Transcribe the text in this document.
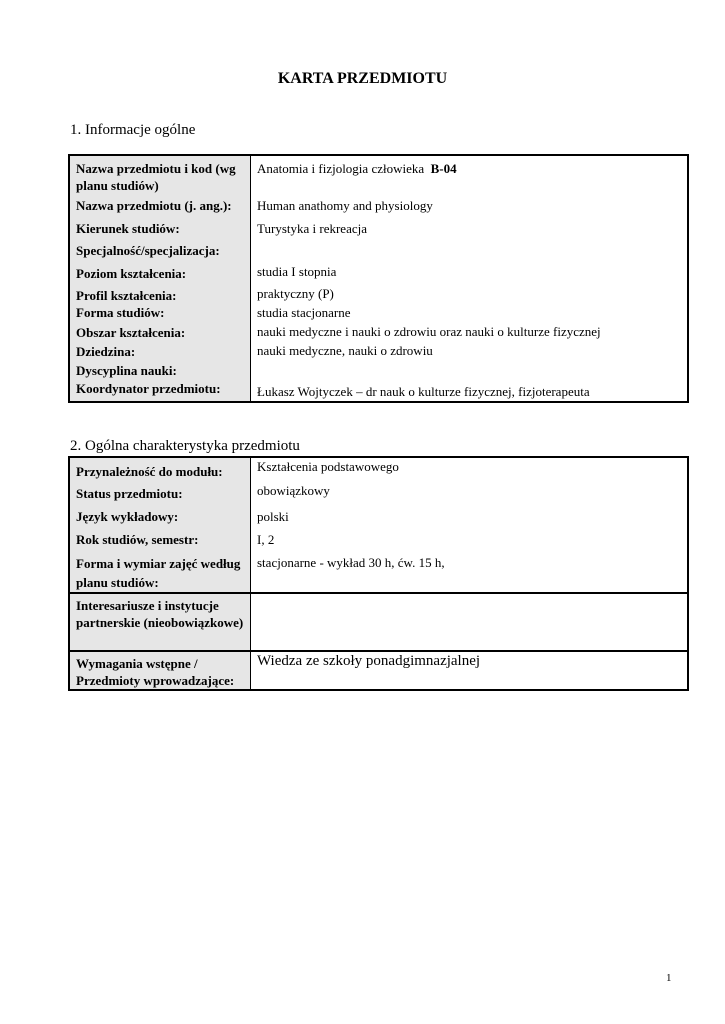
KARTA PRZEDMIOTU
1. Informacje ogólne
Nazwa przedmiotu i kod (wg planu studiów)	Anatomia i fizjologia człowieka B-04
Nazwa przedmiotu (j. ang.):	Human anathomy and physiology
Kierunek studiów:	Turystyka i rekreacja
Specjalność/specjalizacja:	
Poziom kształcenia:	studia I stopnia
Profil kształcenia:	praktyczny (P)
Forma studiów:	studia stacjonarne
Obszar kształcenia:	nauki medyczne i nauki o zdrowiu oraz nauki o kulturze fizycznej
Dziedzina:	nauki medyczne, nauki o zdrowiu
Dyscyplina nauki:	
Koordynator przedmiotu:	Łukasz Wojtyczek – dr nauk o kulturze fizycznej, fizjoterapeuta
2. Ogólna charakterystyka przedmiotu
Przynależność do modułu:	Kształcenia podstawowego
Status przedmiotu:	obowiązkowy
Język wykładowy:	polski
Rok studiów, semestr:	I, 2
Forma i wymiar zajęć według planu studiów:	stacjonarne - wykład 30 h, ćw. 15 h,
Interesariusze i instytucje partnerskie (nieobowiązkowe)	
Wymagania wstępne / Przedmioty wprowadzające:	Wiedza ze szkoły ponadgimnazjalnej
1
